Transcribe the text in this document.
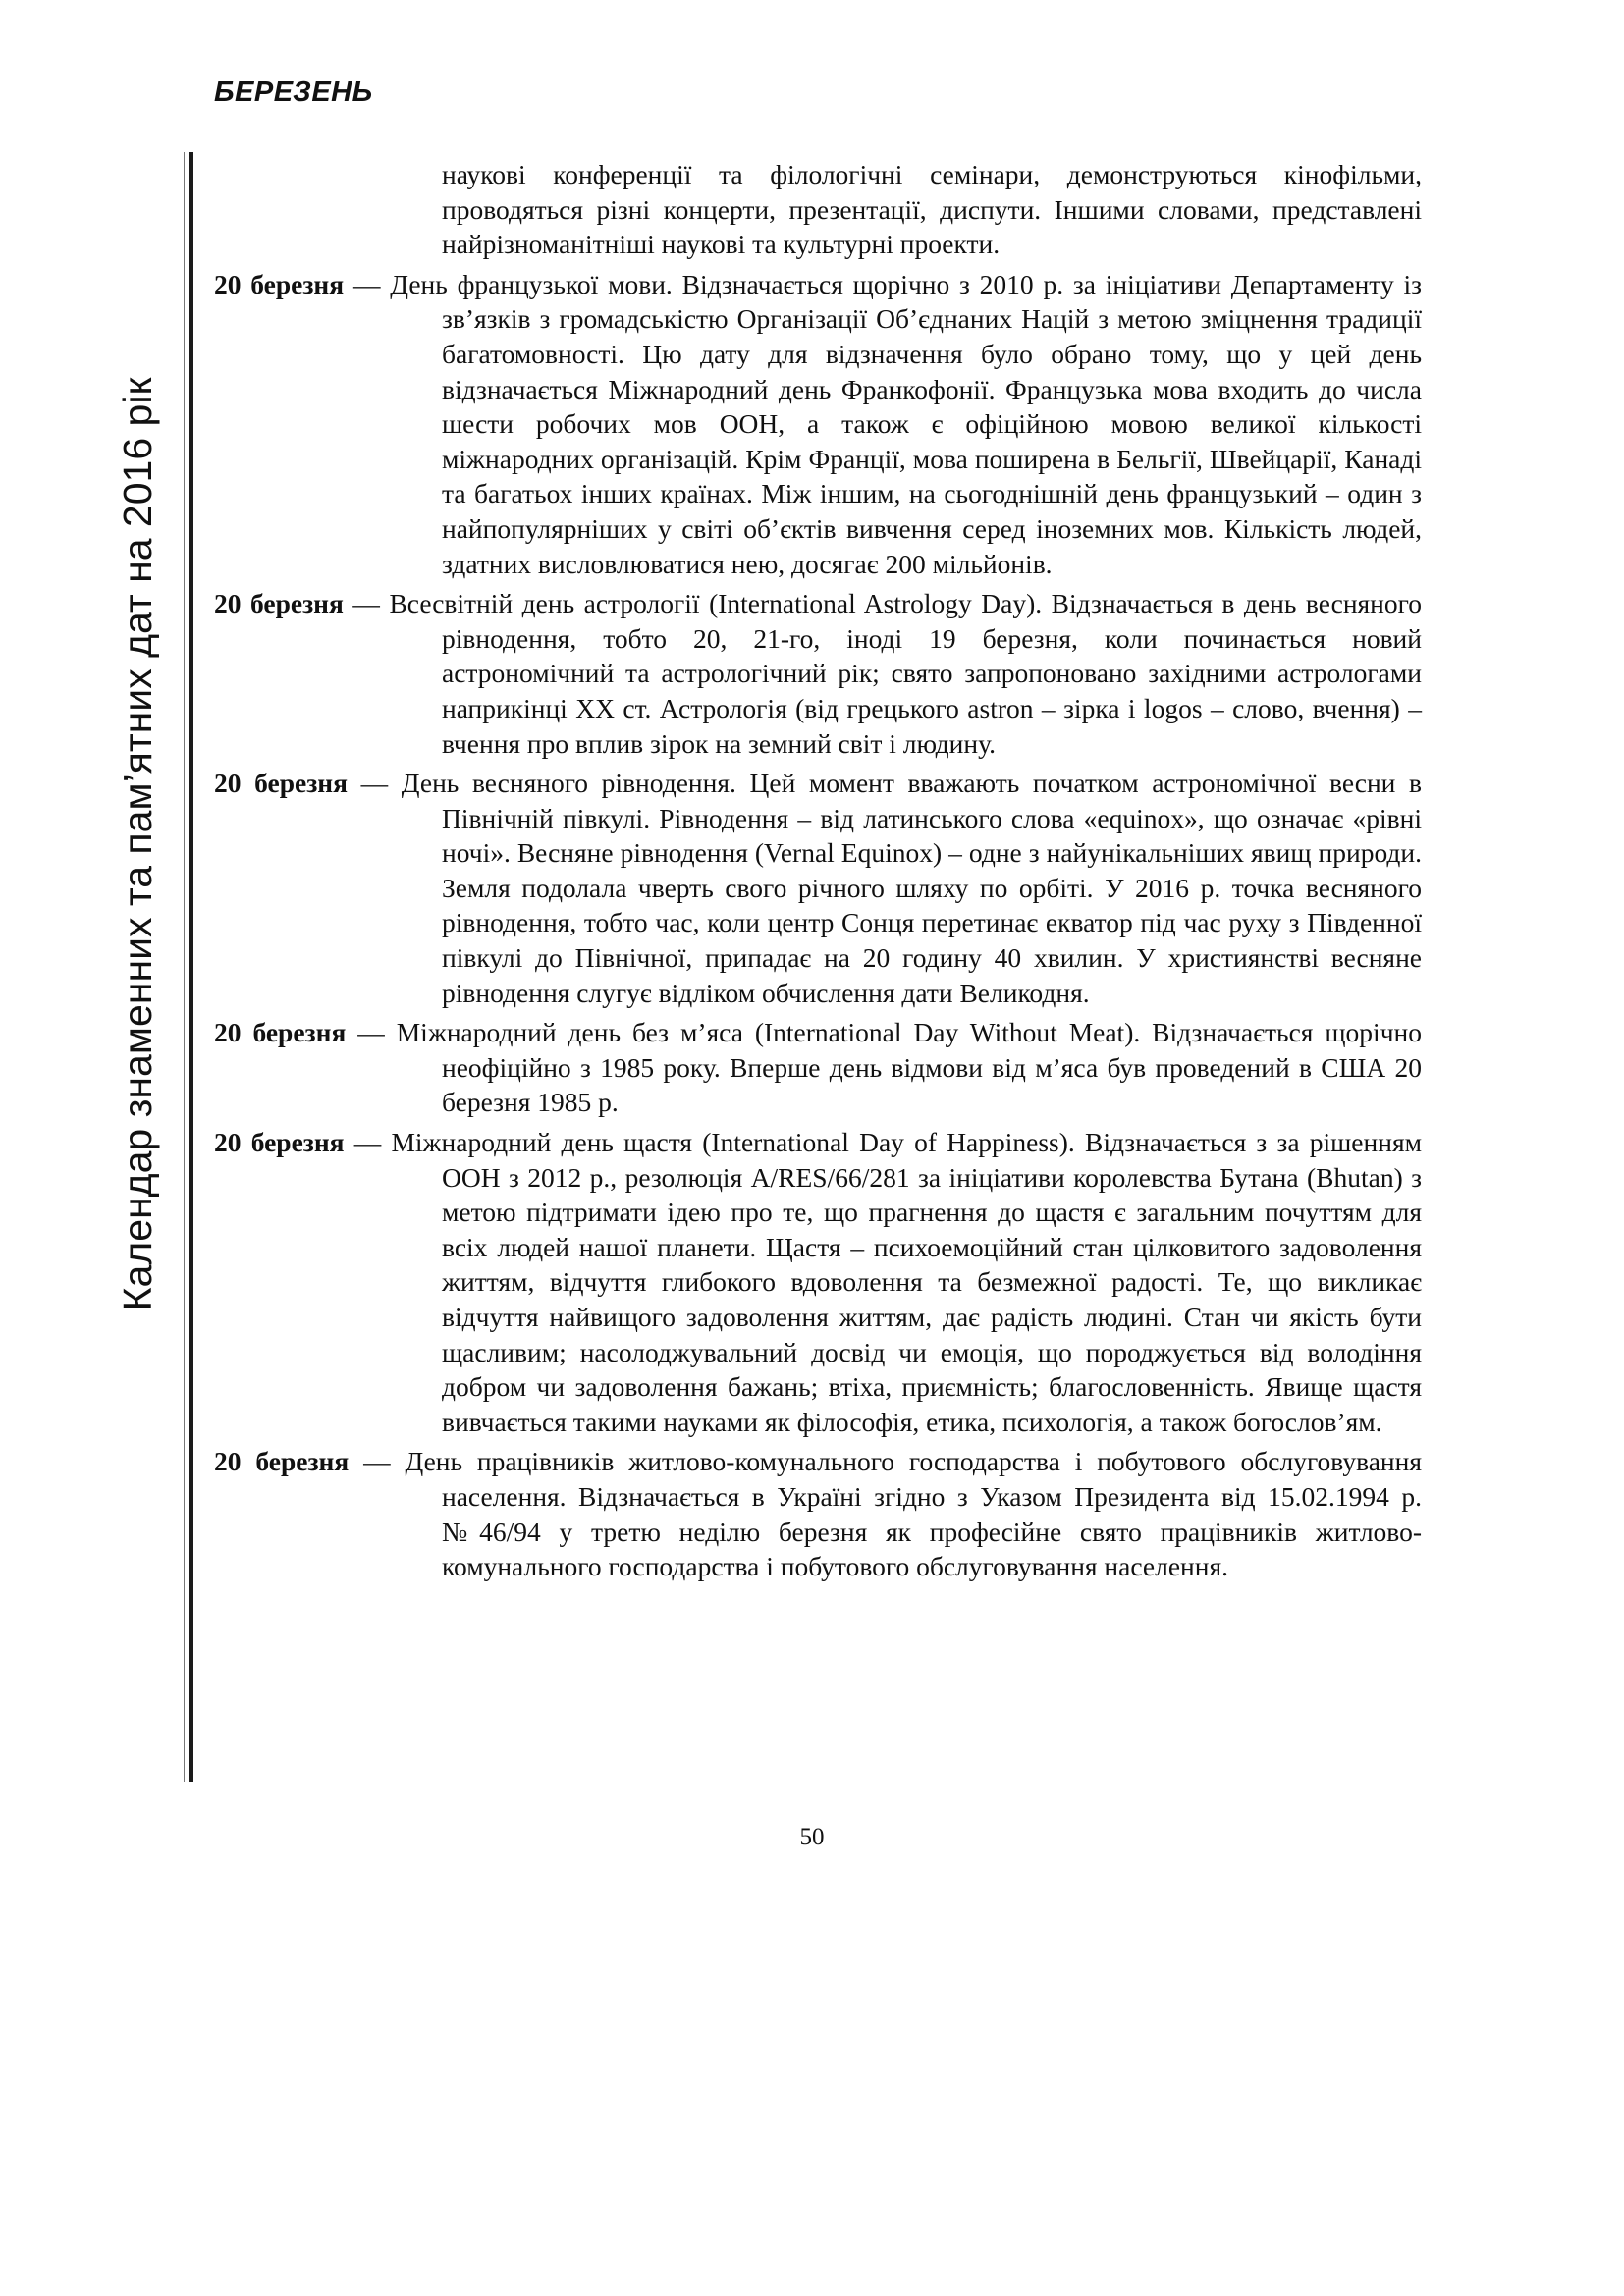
БЕРЕЗЕНЬ
Календар знаменних та пам’ятних дат на 2016 рік

наукові конференції та філологічні семінари, демонструються кінофільми, проводяться різні концерти, презентації, диспути. Іншими словами, представлені найрізноманітніші наукові та культурні проекти.

20 березня — День французької мови. Відзначається щорічно з 2010 р. за ініціативи Департаменту із зв’язків з громадськістю Організації Об’єднаних Націй з метою зміцнення традиції багатомовності. Цю дату для відзначення було обрано тому, що у цей день відзначається Міжнародний день Франкофонії. Французька мова входить до числа шести робочих мов ООН, а також є офіційною мовою великої кількості міжнародних організацій. Крім Франції, мова поширена в Бельгії, Швейцарії, Канаді та багатьох інших країнах. Між іншим, на сьогоднішній день французький – один з найпопулярніших у світі об’єктів вивчення серед іноземних мов. Кількість людей, здатних висловлюватися нею, досягає 200 мільйонів.

20 березня — Всесвітній день астрології (International Astrology Day). Відзначається в день весняного рівнодення, тобто 20, 21-го, іноді 19 березня, коли починається новий астрономічний та астрологічний рік; свято запропоновано західними астрологами наприкінці XX ст. Астрологія (від грецького astron – зірка і logos – слово, вчення) – вчення про вплив зірок на земний світ і людину.

20 березня — День весняного рівнодення. Цей момент вважають початком астрономічної весни в Північній півкулі. Рівнодення – від латинського слова «equinox», що означає «рівні ночі». Весняне рівнодення (Vernal Equinox) – одне з найунікальніших явищ природи. Земля подолала чверть свого річного шляху по орбіті. У 2016 р. точка весняного рівнодення, тобто час, коли центр Сонця перетинає екватор під час руху з Південної півкулі до Північної, припадає на 20 годину 40 хвилин. У християнстві весняне рівнодення слугує відліком обчислення дати Великодня.

20 березня — Міжнародний день без м’яса (International Day Without Meat). Відзначається щорічно неофіційно з 1985 року. Вперше день відмови від м’яса був проведений в США 20 березня 1985 р.

20 березня — Міжнародний день щастя (International Day of Happiness). Відзначається з за рішенням ООН з 2012 р., резолюція A/RES/66/281 за ініціативи королевства Бутана (Bhutan) з метою підтримати ідею про те, що прагнення до щастя є загальним почуттям для всіх людей нашої планети. Щастя – психоемоційний стан цілковитого задоволення життям, відчуття глибокого вдоволення та безмежної радості. Те, що викликає відчуття найвищого задоволення життям, дає радість людині. Стан чи якість бути щасливим; насолоджувальний досвід чи емоція, що породжується від володіння добром чи задоволення бажань; втіха, приємність; благословенність. Явище щастя вивчається такими науками як філософія, етика, психологія, а також богослов’ям.

20 березня — День працівників житлово-комунального господарства і побутового обслуговування населення. Відзначається в Україні згідно з Указом Президента від 15.02.1994 р. №46/94 у третю неділю березня як професійне свято працівників житлово-комунального господарства і побутового обслуговування населення.

50
